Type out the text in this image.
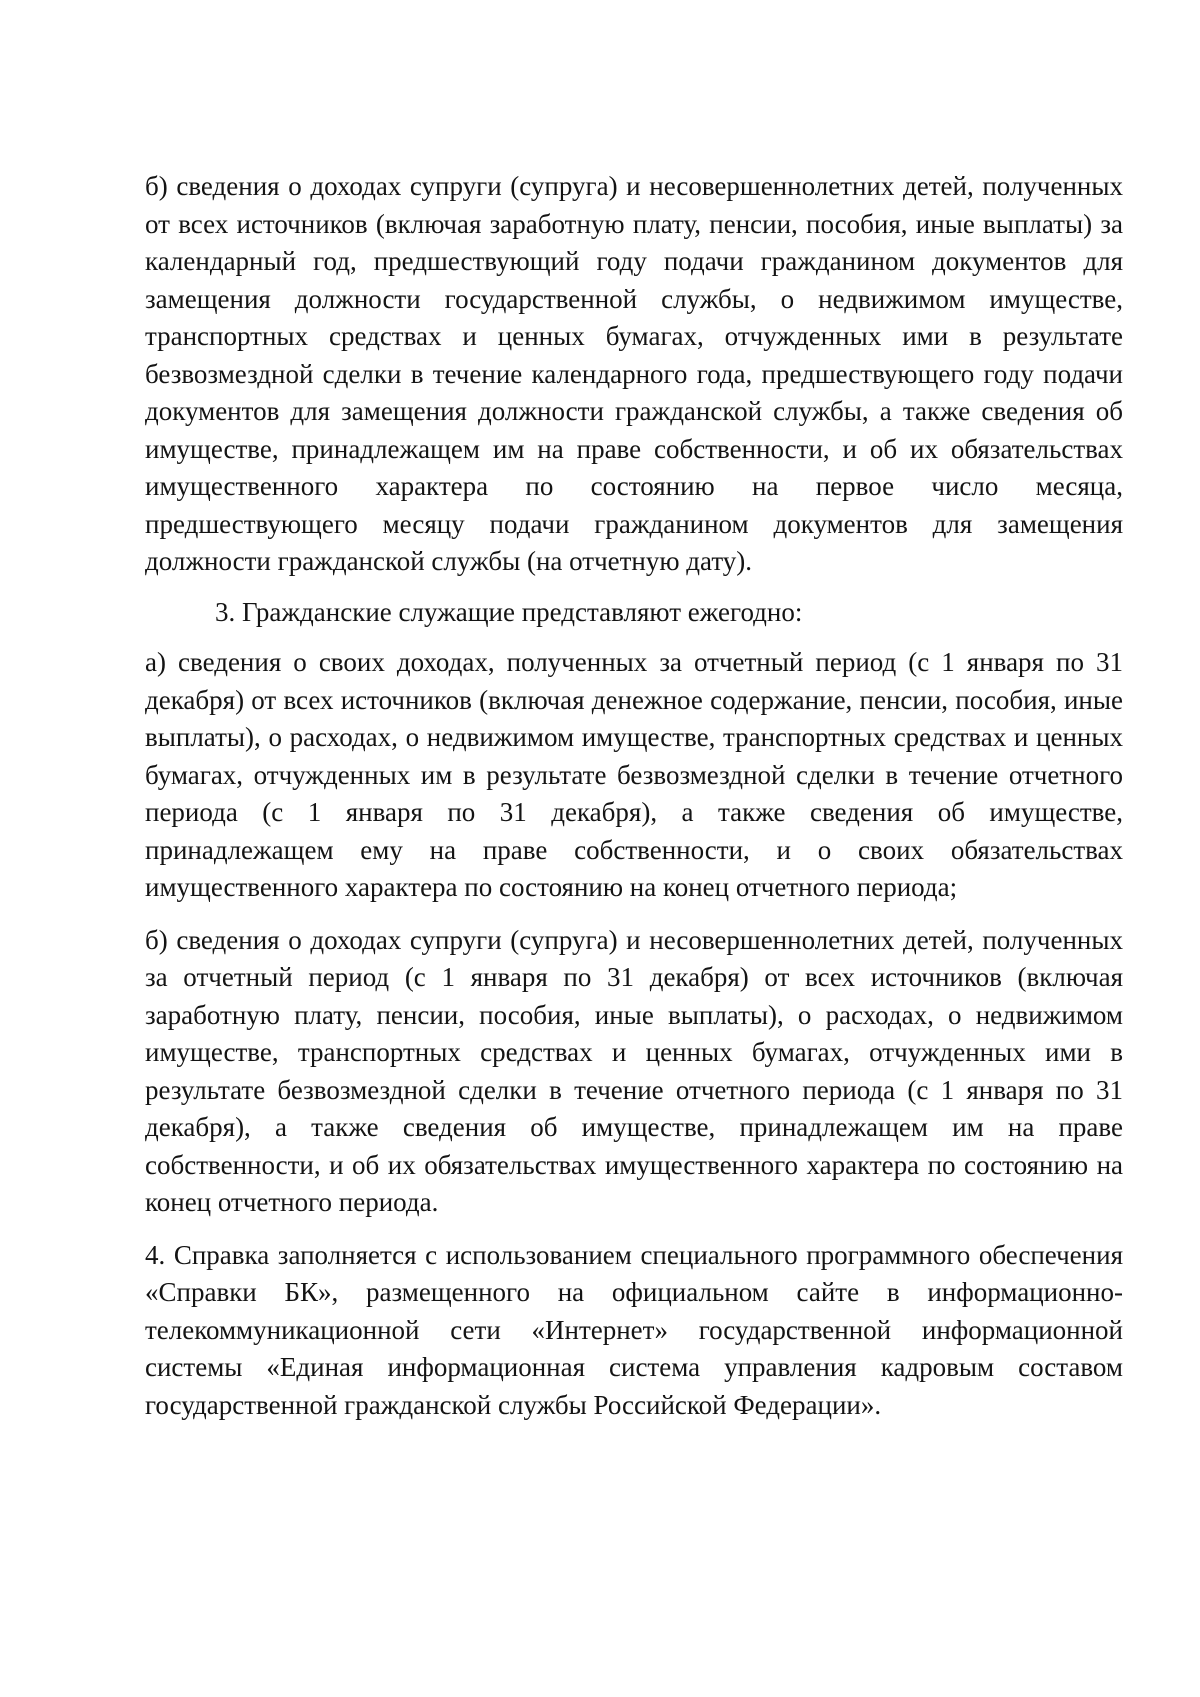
б) сведения о доходах супруги (супруга) и несовершеннолетних детей, полученных от всех источников (включая заработную плату, пенсии, пособия, иные выплаты) за календарный год, предшествующий году подачи гражданином документов для замещения должности государственной службы, о недвижимом имуществе, транспортных средствах и ценных бумагах, отчужденных ими в результате безвозмездной сделки в течение календарного года, предшествующего году подачи документов для замещения должности гражданской службы, а также сведения об имуществе, принадлежащем им на праве собственности, и об их обязательствах имущественного характера по состоянию на первое число месяца, предшествующего месяцу подачи гражданином документов для замещения должности гражданской службы (на отчетную дату).

3. Гражданские служащие представляют ежегодно:

а) сведения о своих доходах, полученных за отчетный период (с 1 января по 31 декабря) от всех источников (включая денежное содержание, пенсии, пособия, иные выплаты), о расходах, о недвижимом имуществе, транспортных средствах и ценных бумагах, отчужденных им в результате безвозмездной сделки в течение отчетного периода (с 1 января по 31 декабря), а также сведения об имуществе, принадлежащем ему на праве собственности, и о своих обязательствах имущественного характера по состоянию на конец отчетного периода;

б) сведения о доходах супруги (супруга) и несовершеннолетних детей, полученных за отчетный период (с 1 января по 31 декабря) от всех источников (включая заработную плату, пенсии, пособия, иные выплаты), о расходах, о недвижимом имуществе, транспортных средствах и ценных бумагах, отчужденных ими в результате безвозмездной сделки в течение отчетного периода (с 1 января по 31 декабря), а также сведения об имуществе, принадлежащем им на праве собственности, и об их обязательствах имущественного характера по состоянию на конец отчетного периода.

4. Справка заполняется с использованием специального программного обеспечения «Справки БК», размещенного на официальном сайте в информационно-телекоммуникационной сети «Интернет» государственной информационной системы «Единая информационная система управления кадровым составом государственной гражданской службы Российской Федерации».
